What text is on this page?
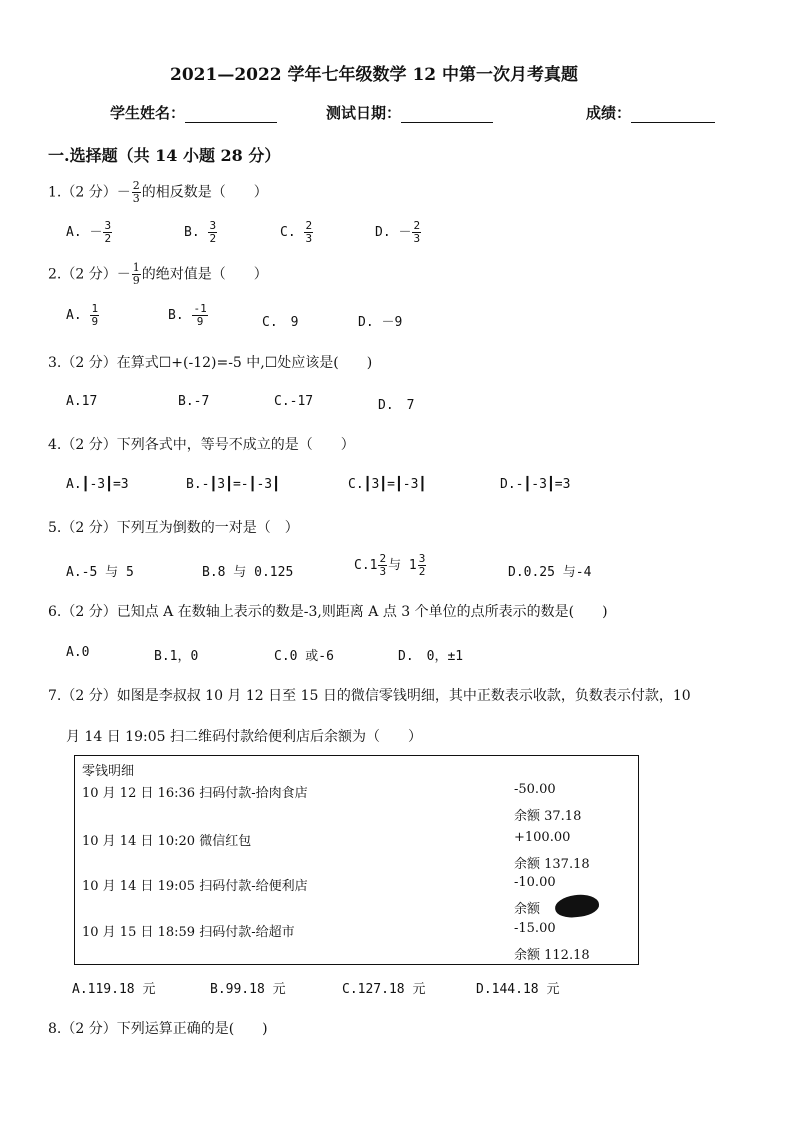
2021—2022 学年七年级数学 12 中第一次月考真题
学生姓名：	测试日期：	成绩：
一.选择题（共 14 小题 28 分）
1.（2 分）－ $\frac{2}{3}$ 的相反数是（　　）
A. － $\frac{3}{2}$	B. $\frac{3}{2}$	C. $\frac{2}{3}$	D. － $\frac{2}{3}$
2.（2 分）－ $\frac{1}{9}$ 的绝对值是（　　）
A. $\frac{1}{9}$	B. $\frac{-1}{9}$	C.　9	D. －9
3.（2 分）在算式☐+(-12)=-5 中,☐处应该是(　　)
A.17	B.-7	C.-17	D.　7
4.（2 分）下列各式中，等号不成立的是（　　）
A.┃-3┃=3	B.-┃3┃=-┃-3┃	C.┃3┃=┃-3┃	D.-┃-3┃=3
5.（2 分）下列互为倒数的一对是（　）
A.-5 与 5	B.8 与 0.125	$C.1 \frac{2}{3}$ 与 $1 \frac{3}{2}$	D.0.25 与-4
6.（2 分）已知点 A 在数轴上表示的数是-3,则距离 A 点 3 个单位的点所表示的数是(　　)
A.0	B.1，0	C.0 或-6	D.　0，±1
7.（2 分）如图是李叔叔 10 月 12 日至 15 日的微信零钱明细，其中正数表示收款，负数表示付款，10
月 14 日 19:05 扫二维码付款给便利店后余额为（　　）
零钱明细
10 月 12 日 16:36 扫码付款-拾肉食店	-50.00
余额 37.18
10 月 14 日 10:20 微信红包	+100.00
余额 137.18
10 月 14 日 19:05 扫码付款-给便利店	-10.00
余额
10 月 15 日 18:59 扫码付款-给超市	-15.00
余额 112.18
A.119.18 元	B.99.18 元	C.127.18 元	D.144.18 元
8.（2 分）下列运算正确的是(　　)
